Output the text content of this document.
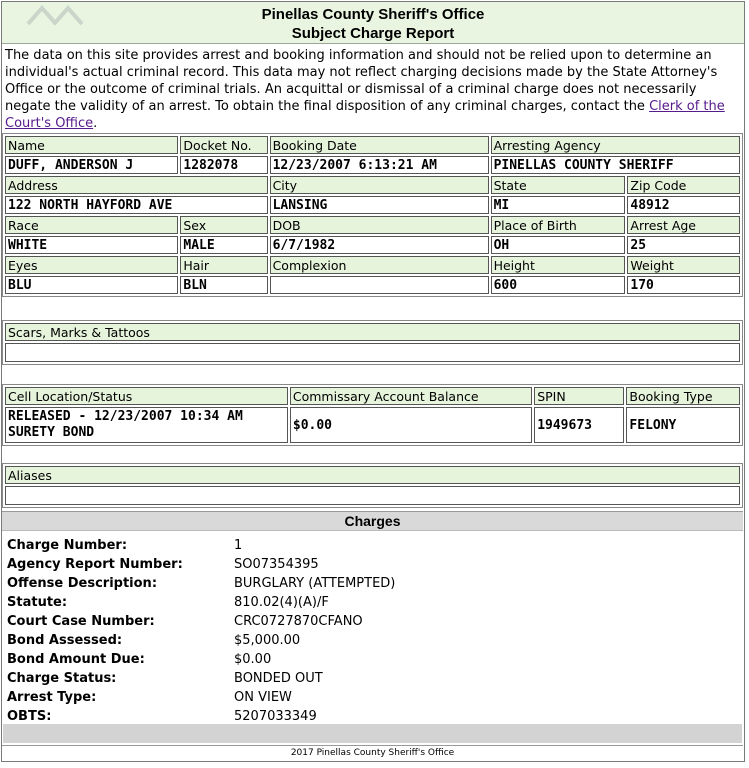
Pinellas County Sheriff's Office
Subject Charge Report
The data on this site provides arrest and booking information and should not be relied upon to determine an individual's actual criminal record. This data may not reflect charging decisions made by the State Attorney's Office or the outcome of criminal trials. An acquittal or dismissal of a criminal charge does not necessarily negate the validity of an arrest. To obtain the final disposition of any criminal charges, contact the Clerk of the Court's Office.
Name	Docket No.	Booking Date	Arresting Agency	
DUFF, ANDERSON J	1282078	12/23/2007 6:13:21 AM	PINELLAS COUNTY SHERIFF	
Address		City	State	Zip Code
122 NORTH HAYFORD AVE		LANSING	MI	48912
Race	Sex	DOB	Place of Birth	Arrest Age
WHITE	MALE	6/7/1982	OH	25
Eyes	Hair	Complexion	Height	Weight
BLU	BLN		600	170
Scars, Marks & Tattoos

Cell Location/Status	Commissary Account Balance	SPIN	Booking Type

RELEASED - 12/23/2007 10:34 AM
SURETY BOND	$0.00	1949673	FELONY
Aliases

Charges
Charge Number:	1
Agency Report Number:	SO07354395
Offense Description:	BURGLARY (ATTEMPTED)
Statute:	810.02(4)(A)/F
Court Case Number:	CRC0727870CFANO
Bond Assessed:	$5,000.00
Bond Amount Due:	$0.00
Charge Status:	BONDED OUT
Arrest Type:	ON VIEW
OBTS:	5207033349
2017 Pinellas County Sheriff's Office
